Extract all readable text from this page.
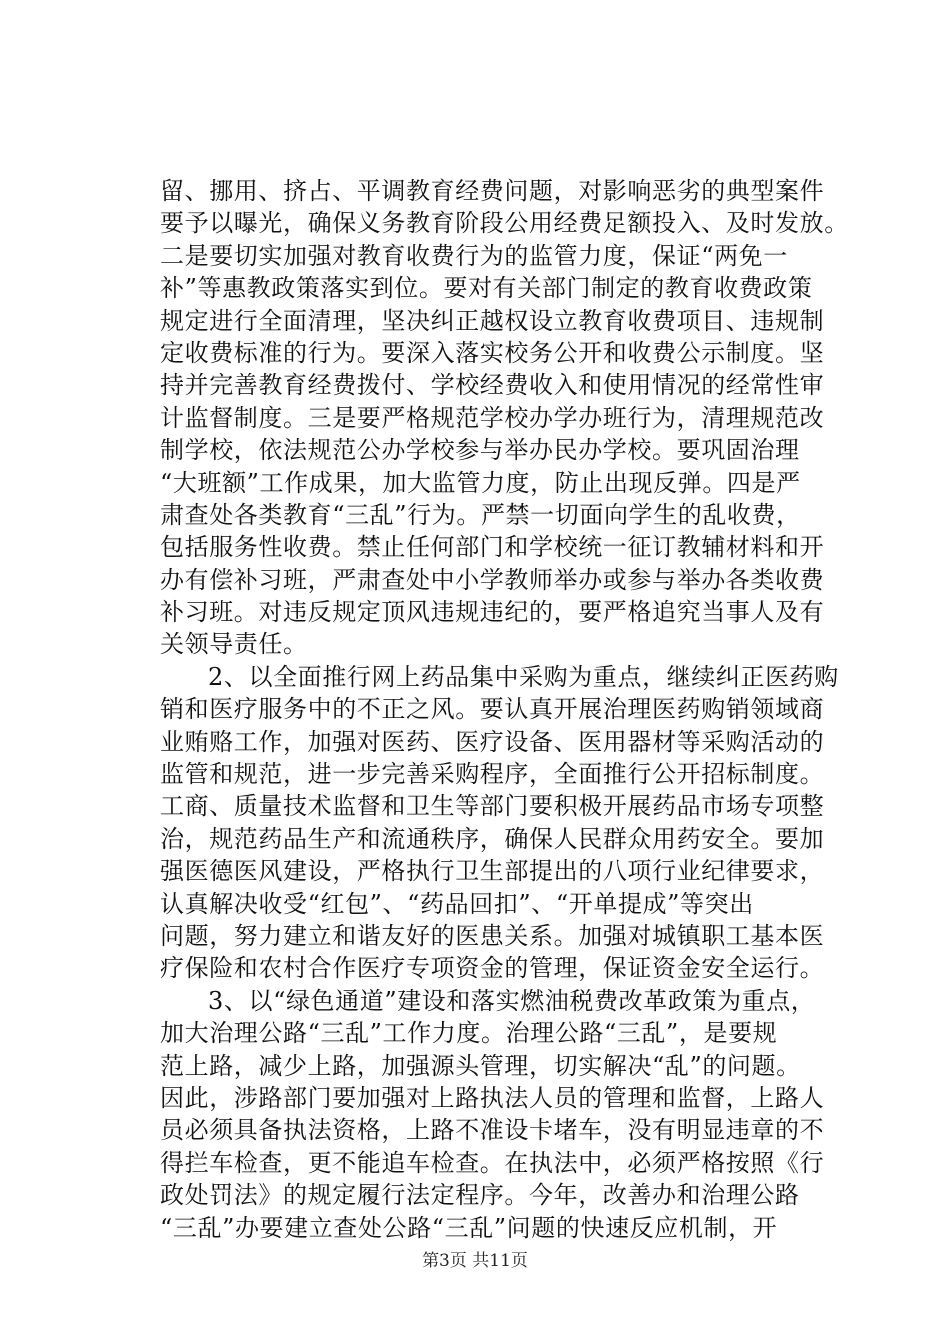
留、挪用、挤占、平调教育经费问题，对影响恶劣的典型案件
要予以曝光，确保义务教育阶段公用经费足额投入、及时发放。
二是要切实加强对教育收费行为的监管力度，保证“两免一
补”等惠教政策落实到位。要对有关部门制定的教育收费政策
规定进行全面清理，坚决纠正越权设立教育收费项目、违规制
定收费标准的行为。要深入落实校务公开和收费公示制度。坚
持并完善教育经费拨付、学校经费收入和使用情况的经常性审
计监督制度。三是要严格规范学校办学办班行为，清理规范改
制学校，依法规范公办学校参与举办民办学校。要巩固治理
“大班额”工作成果，加大监管力度，防止出现反弹。四是严
肃查处各类教育“三乱”行为。严禁一切面向学生的乱收费，
包括服务性收费。禁止任何部门和学校统一征订教辅材料和开
办有偿补习班，严肃查处中小学教师举办或参与举办各类收费
补习班。对违反规定顶风违规违纪的，要严格追究当事人及有
关领导责任。
2、以全面推行网上药品集中采购为重点，继续纠正医药购
销和医疗服务中的不正之风。要认真开展治理医药购销领域商
业贿赂工作，加强对医药、医疗设备、医用器材等采购活动的
监管和规范，进一步完善采购程序，全面推行公开招标制度。
工商、质量技术监督和卫生等部门要积极开展药品市场专项整
治，规范药品生产和流通秩序，确保人民群众用药安全。要加
强医德医风建设，严格执行卫生部提出的八项行业纪律要求，
认真解决收受“红包”、“药品回扣”、“开单提成”等突出
问题，努力建立和谐友好的医患关系。加强对城镇职工基本医
疗保险和农村合作医疗专项资金的管理，保证资金安全运行。
3、以“绿色通道”建设和落实燃油税费改革政策为重点，
加大治理公路“三乱”工作力度。治理公路“三乱”，是要规
范上路，减少上路，加强源头管理，切实解决“乱”的问题。
因此，涉路部门要加强对上路执法人员的管理和监督，上路人
员必须具备执法资格，上路不准设卡堵车，没有明显违章的不
得拦车检查，更不能追车检查。在执法中，必须严格按照《行
政处罚法》的规定履行法定程序。今年，改善办和治理公路
“三乱”办要建立查处公路“三乱”问题的快速反应机制，开
第3页 共11页
